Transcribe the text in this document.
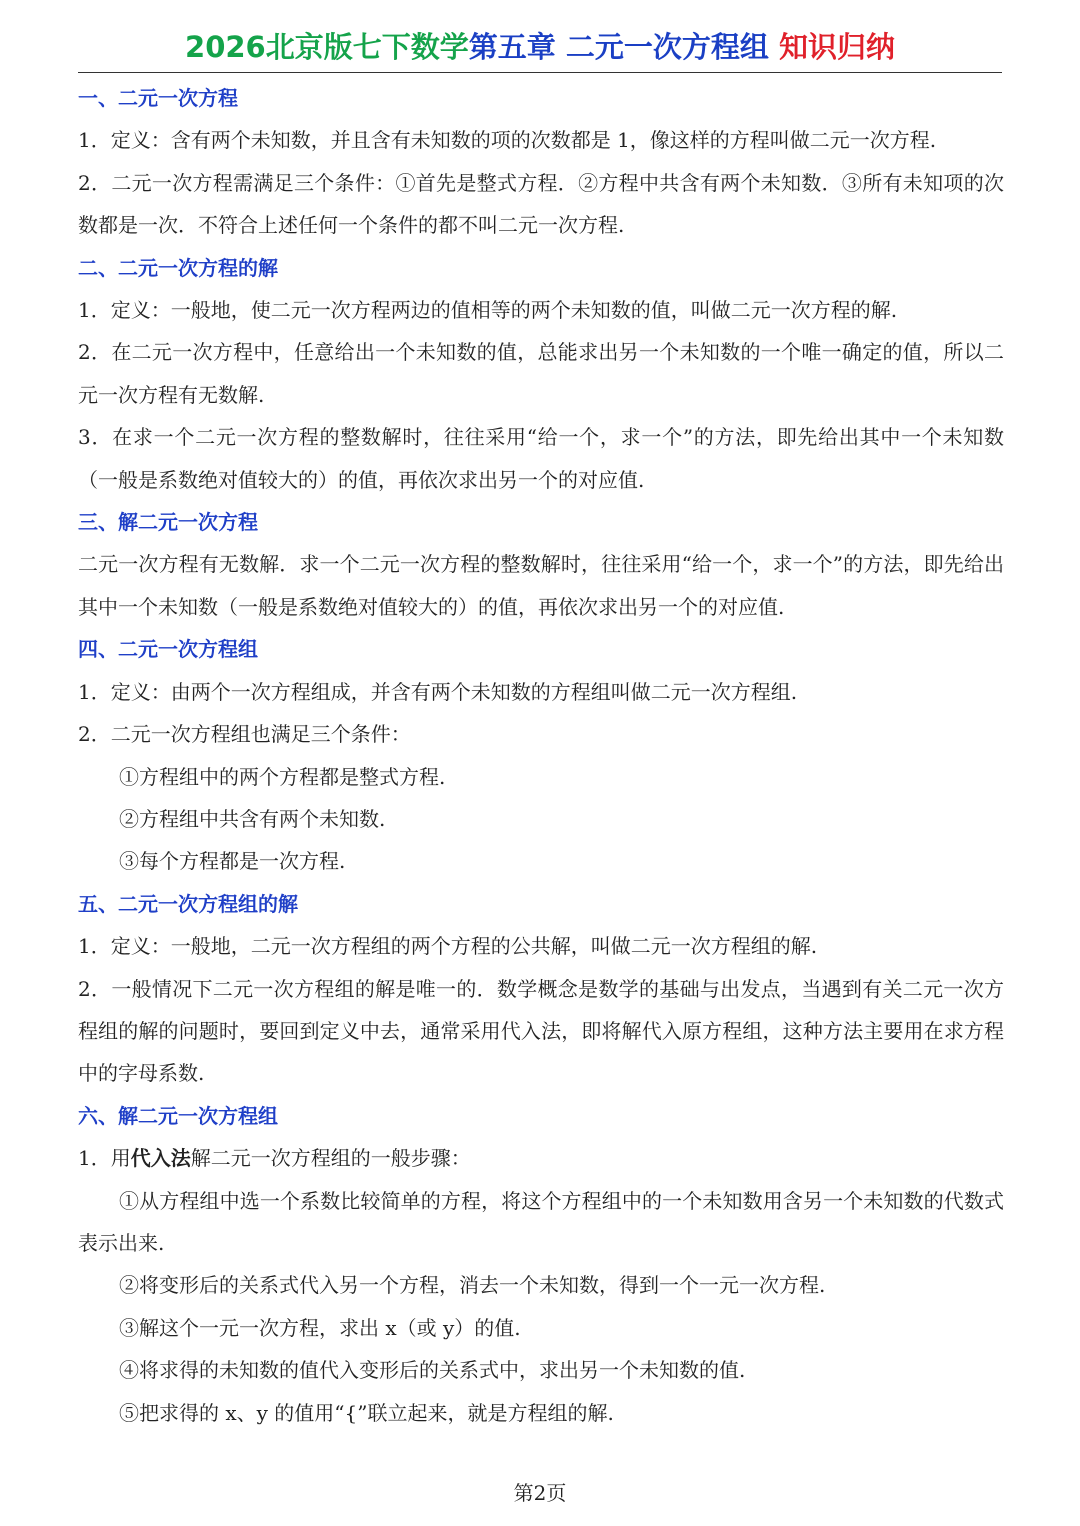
2026北京版七下数学第五章 二元一次方程组 知识归纳
一、二元一次方程

1．定义：含有两个未知数，并且含有未知数的项的次数都是 1，像这样的方程叫做二元一次方程.

2．二元一次方程需满足三个条件：①首先是整式方程．②方程中共含有两个未知数．③所有未知项的次数都是一次．不符合上述任何一个条件的都不叫二元一次方程.

二、二元一次方程的解

1．定义：一般地，使二元一次方程两边的值相等的两个未知数的值，叫做二元一次方程的解.

2．在二元一次方程中，任意给出一个未知数的值，总能求出另一个未知数的一个唯一确定的值，所以二元一次方程有无数解.

3．在求一个二元一次方程的整数解时，往往采用“给一个，求一个”的方法，即先给出其中一个未知数（一般是系数绝对值较大的）的值，再依次求出另一个的对应值.

三、解二元一次方程

二元一次方程有无数解．求一个二元一次方程的整数解时，往往采用“给一个，求一个”的方法，即先给出其中一个未知数（一般是系数绝对值较大的）的值，再依次求出另一个的对应值.

四、二元一次方程组

1．定义：由两个一次方程组成，并含有两个未知数的方程组叫做二元一次方程组.

2．二元一次方程组也满足三个条件：

①方程组中的两个方程都是整式方程.

②方程组中共含有两个未知数.

③每个方程都是一次方程.

五、二元一次方程组的解

1．定义：一般地，二元一次方程组的两个方程的公共解，叫做二元一次方程组的解.

2．一般情况下二元一次方程组的解是唯一的．数学概念是数学的基础与出发点，当遇到有关二元一次方程组的解的问题时，要回到定义中去，通常采用代入法，即将解代入原方程组，这种方法主要用在求方程中的字母系数.

六、解二元一次方程组

1．用代入法解二元一次方程组的一般步骤：

①从方程组中选一个系数比较简单的方程，将这个方程组中的一个未知数用含另一个未知数的代数式表示出来.

②将变形后的关系式代入另一个方程，消去一个未知数，得到一个一元一次方程.

③解这个一元一次方程，求出 x（或 y）的值.

④将求得的未知数的值代入变形后的关系式中，求出另一个未知数的值.

⑤把求得的 x、y 的值用“{”联立起来，就是方程组的解.

第2页
